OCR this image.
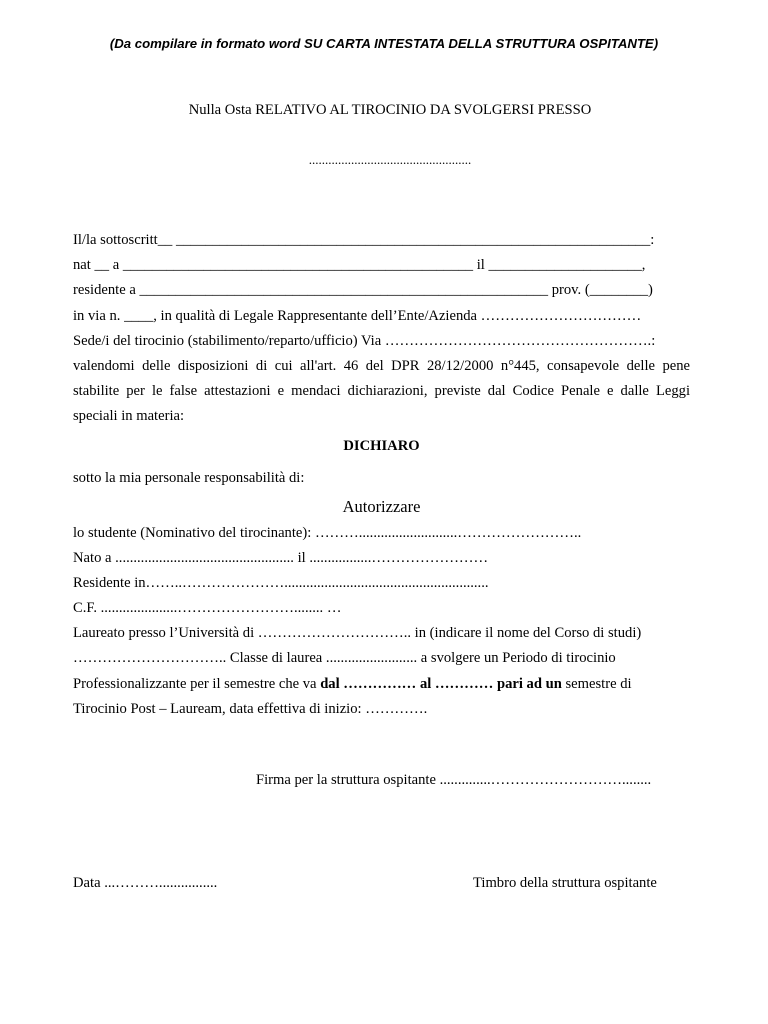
(Da compilare in formato word SU CARTA INTESTATA DELLA STRUTTURA OSPITANTE)
Nulla Osta RELATIVO AL TIROCINIO DA SVOLGERSI PRESSO
..................................................
Il/la sottoscritt__ _________________________________________________________________:
nat __ a ________________________________________________ il _____________________,
residente a ________________________________________________________ prov. (________)
in via n. ____, in qualità di Legale Rappresentante dell’Ente/Azienda ……………………………
Sede/i del tirocinio (stabilimento/reparto/ufficio) Via ……………………………………………….:
valendomi delle disposizioni di cui all'art. 46 del DPR 28/12/2000 n°445, consapevole delle pene
stabilite per le false attestazioni e mendaci dichiarazioni, previste dal Codice Penale e dalle Leggi
speciali in materia:
DICHIARO
sotto la mia personale responsabilità di:
Autorizzare
lo studente (Nominativo del tirocinante): ………...........................……………………..
Nato a ................................................. il .................……………………
Residente in……..…………………........................................................
C.F. .....................……………………........ …
Laureato presso l’Università di ………………………….. in (indicare il nome del Corso di studi)
………………………….. Classe di laurea ......................... a svolgere un Periodo di tirocinio
Professionalizzante per il semestre che va dal …………… al ………… pari ad un semestre di
Tirocinio Post – Lauream, data effettiva di inizio: ………….
Firma per la struttura ospitante ..............………………………........
Data ...………................	Timbro della struttura ospitante
